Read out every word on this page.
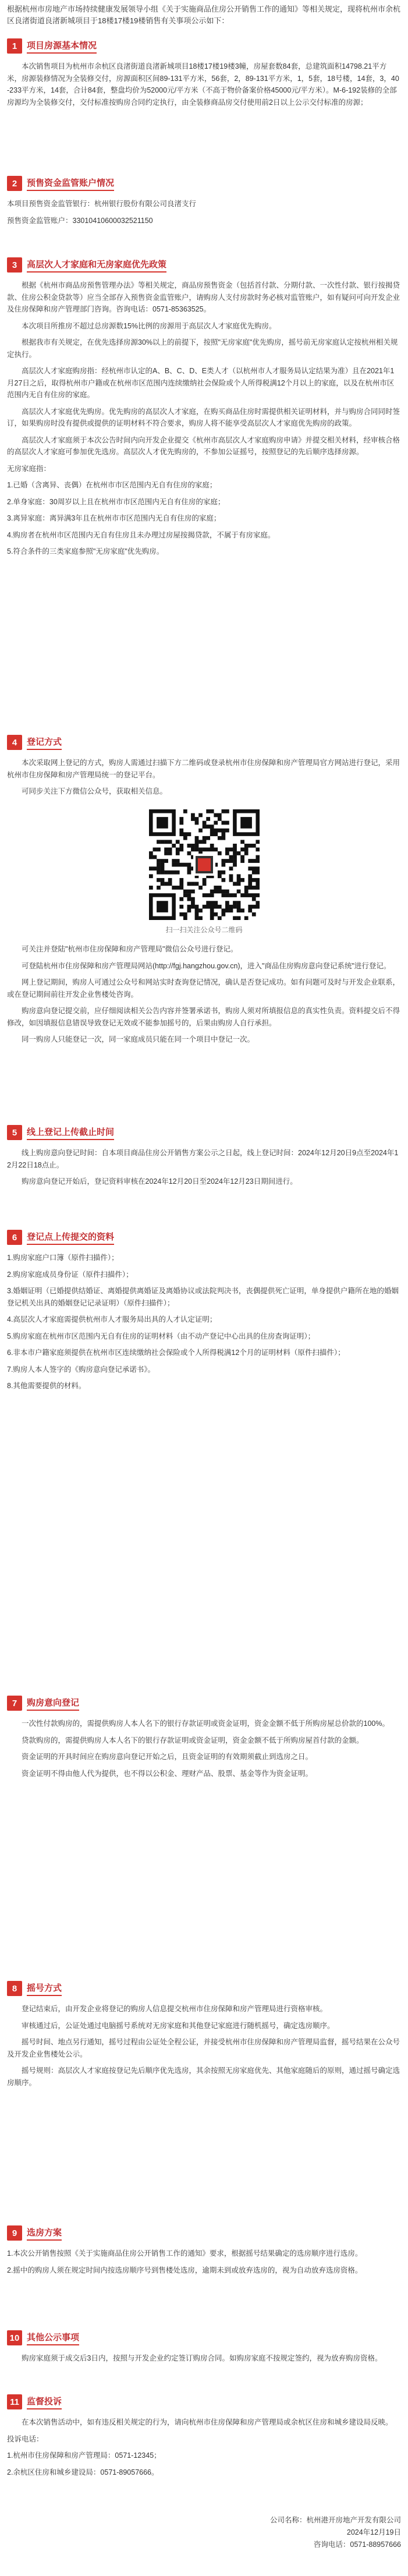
根据杭州市房地产市场持续健康发展领导小组《关于实施商品住房公开销售工作的通知》等相关规定，现将杭州市余杭区良渚街道良渚新城项目于18楼17楼19楼销售有关事项公示如下：
1	项目房源基本情况

本次销售项目为杭州市余杭区良渚街道良渚新城项目18楼17楼19楼3幢，房屋套数84套，总建筑面积14798.21平方米，房源装修情况为全装修交付，房源面积区间89-131平方米，56套，2，89-131平方米，1，5套，18号楼，14套，3，40-233平方米，14套，合计84套，整盘均价为52000元/平方米（不高于物价备案价格45000元/平方米）。M-6-192装修的全部房源均为全装修交付，交付标准按购房合同约定执行，由全装修商品房交付使用前2日以上公示交付标准的房源；

2	预售资金监管账户情况

本项目预售资金监管银行：杭州银行股份有限公司良渚支行

预售资金监管账户：33010410600032521150

3	高层次人才家庭和无房家庭优先政策

根据《杭州市商品房预售管理办法》等相关规定，商品房预售资金（包括首付款、分期付款、一次性付款、银行按揭贷款、住房公积金贷款等）应当全部存入预售资金监管账户，请购房人支付房款时务必核对监管账户，如有疑问可向开发企业及住房保障和房产管理部门咨询。咨询电话：0571-85363525。

本次项目所推房不超过总房源数15%比例的房源用于高层次人才家庭优先购房。

根据我市有关规定，在优先选择房源30%以上的前提下，按照"无房家庭"优先购房，摇号前无房家庭认定按杭州相关规定执行。

高层次人才家庭购房指：经杭州市认定的A、B、C、D、E类人才（以杭州市人才服务局认定结果为准）且在2021年1月27日之后，取得杭州市户籍或在杭州市区范围内连续缴纳社会保险或个人所得税满12个月以上的家庭，以及在杭州市区范围内无自有住房的家庭。

高层次人才家庭优先购房。优先购房的高层次人才家庭，在购买商品住房时需提供相关证明材料，并与购房合同同时签订，如果购房时没有提供或提供的证明材料不符合要求，购房人将不能享受高层次人才家庭优先购房的政策。

高层次人才家庭须于本次公告时间内向开发企业提交《杭州市高层次人才家庭购房申请》并提交相关材料，经审核合格的高层次人才家庭可参加优先选房。高层次人才优先购房的，不参加公证摇号，按照登记的先后顺序选择房源。

无房家庭指：

1.已婚（含离异、丧偶）在杭州市市区范围内无自有住房的家庭；

2.单身家庭：30周岁以上且在杭州市市区范围内无自有住房的家庭；

3.离异家庭：离异满3年且在杭州市市区范围内无自有住房的家庭；

4.购房者在杭州市区范围内无自有住房且未办理过房屋按揭贷款，不属于有房家庭。

5.符合条件的三类家庭参照"无房家庭"优先购房。

4	登记方式

本次采取网上登记的方式，购房人需通过扫描下方二维码或登录杭州市住房保障和房产管理局官方网站进行登记，采用杭州市住房保障和房产管理局统一的登记平台。

可同步关注下方微信公众号，获取相关信息。

扫一扫关注公众号二维码

可关注并登陆"杭州市住房保障和房产管理局"微信公众号进行登记。

可登陆杭州市住房保障和房产管理局网站(http://fgj.hangzhou.gov.cn)，进入"商品住房购房意向登记系统"进行登记。

网上登记期间，购房人可通过公众号和网站实时查询登记情况，确认是否登记成功。如有问题可及时与开发企业联系，或在登记期间前往开发企业售楼处咨询。

购房意向登记提交前，应仔细阅读相关公告内容并签署承诺书，购房人须对所填报信息的真实性负责。资料提交后不得修改，如因填报信息错误导致登记无效或不能参加摇号的，后果由购房人自行承担。

同一购房人只能登记一次，同一家庭成员只能在同一个项目中登记一次。

5	线上登记上传截止时间

线上购房意向登记时间：自本项目商品住房公开销售方案公示之日起，线上登记时间：2024年12月20日9点至2024年12月22日18点止。

购房意向登记开始后，登记资料审核在2024年12月20日至2024年12月23日期间进行。

6	登记点上传提交的资料

1.购房家庭户口簿（原件扫描件）；

2.购房家庭成员身份证（原件扫描件）；

3.婚姻证明（已婚提供结婚证、离婚提供离婚证及离婚协议或法院判决书，丧偶提供死亡证明，单身提供户籍所在地的婚姻登记机关出具的婚姻登记记录证明）（原件扫描件）；

4.高层次人才家庭需提供杭州市人才服务局出具的人才认定证明；

5.购房家庭在杭州市区范围内无自有住房的证明材料（由不动产登记中心出具的住房查询证明）；

6.非本市户籍家庭须提供在杭州市区连续缴纳社会保险或个人所得税满12个月的证明材料（原件扫描件）；

7.购房人本人签字的《购房意向登记承诺书》。

8.其他需要提供的材料。

7	购房意向登记

一次性付款购房的，需提供购房人本人名下的银行存款证明或资金证明，资金金额不低于所购房屋总价款的100%。

贷款购房的，需提供购房人本人名下的银行存款证明或资金证明，资金金额不低于所购房屋首付款的金额。

资金证明的开具时间应在购房意向登记开始之后，且资金证明的有效期须截止到选房之日。

资金证明不得由他人代为提供，也不得以公积金、理财产品、股票、基金等作为资金证明。

8	摇号方式

登记结束后，由开发企业将登记的购房人信息提交杭州市住房保障和房产管理局进行资格审核。

审核通过后，公证处通过电脑摇号系统对无房家庭和其他登记家庭进行随机摇号，确定选房顺序。

摇号时间、地点另行通知，摇号过程由公证处全程公证，并接受杭州市住房保障和房产管理局监督，摇号结果在公众号及开发企业售楼处公示。

摇号规则：高层次人才家庭按登记先后顺序优先选房，其余按照无房家庭优先、其他家庭随后的原则，通过摇号确定选房顺序。

9	选房方案

1.本次公开销售按照《关于实施商品住房公开销售工作的通知》要求，根据摇号结果确定的选房顺序进行选房。

2.摇中的购房人须在规定时间内按选房顺序号到售楼处选房，逾期未到或放弃选房的，视为自动放弃选房资格。

10 其他公示事项

购房家庭须于成交后3日内，按照与开发企业约定签订购房合同。如购房家庭不按规定签约，视为放弃购房资格。

11 监督投诉

在本次销售活动中，如有违反相关规定的行为，请向杭州市住房保障和房产管理局或余杭区住房和城乡建设局反映。

投诉电话：

1.杭州市住房保障和房产管理局：0571-12345；

2.余杭区住房和城乡建设局：0571-89057666。

公司名称：杭州港开房地产开发有限公司
2024年12月19日
咨询电话：0571-88957666
